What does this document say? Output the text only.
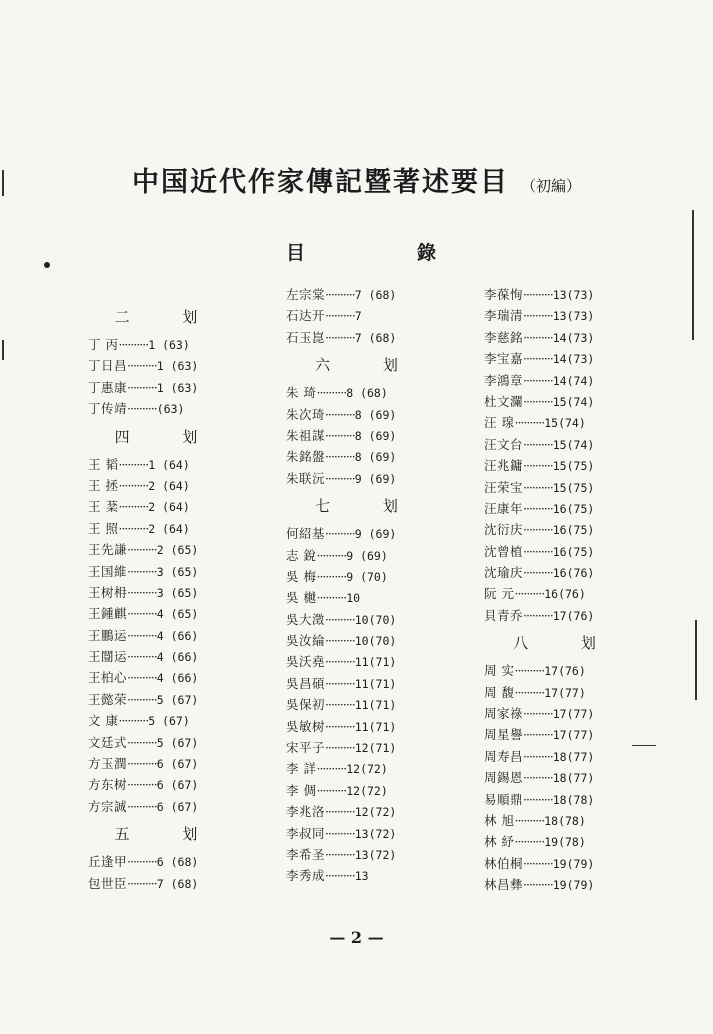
中国近代作家傳記暨著述要目 （初編）
目	錄
二 划
丁 丙··········1 (63)
丁日昌··········1 (63)
丁惠康··········1 (63)
丁传靖··········(63)
四 划
王 韬··········1 (64)
王 拯··········2 (64)
王 棻··········2 (64)
王 照··········2 (64)
王先謙··········2 (65)
王国維··········3 (65)
王树枏··········3 (65)
王鍾麒··········4 (65)
王鵬运··········4 (66)
王闓运··········4 (66)
王柏心··········4 (66)
王懿荣··········5 (67)
文 康··········5 (67)
文廷式··········5 (67)
方玉潤··········6 (67)
方东树··········6 (67)
方宗誠··········6 (67)
五 划
丘逢甲··········6 (68)
包世臣··········7 (68)
左宗棠··········7 (68)
石达开··········7
石玉崑··········7 (68)
六 划
朱 琦··········8 (68)
朱次琦··········8 (69)
朱祖謀··········8 (69)
朱銘盤··········8 (69)
朱联沅··········9 (69)
七 划
何紹基··········9 (69)
志 銳··········9 (69)
吳 梅··········9 (70)
吳 樾··········10
吳大澂··········10(70)
吳汝綸··········10(70)
吳沃堯··········11(71)
吳昌碩··········11(71)
吳保初··········11(71)
吳敏树··········11(71)
宋平子··········12(71)
李 詳··········12(72)
李 倜··········12(72)
李兆洛··········12(72)
李叔同··········13(72)
李希圣··········13(72)
李秀成··········13
李葆恂··········13(73)
李瑞清··········13(73)
李慈銘··········14(73)
李宝嘉··········14(73)
李鴻章··········14(74)
杜文瀾··········15(74)
汪 瑔··········15(74)
汪文台··········15(74)
汪兆鏞··········15(75)
汪荣宝··········15(75)
汪康年··········16(75)
沈衍庆··········16(75)
沈曾植··········16(75)
沈瑜庆··········16(76)
阮 元··········16(76)
貝青乔··········17(76)
八 划
周 实··········17(76)
周 馥··········17(77)
周家祿··········17(77)
周星譽··········17(77)
周寿昌··········18(77)
周錫恩··········18(77)
易順鼎··········18(78)
林 旭··········18(78)
林 紓··········19(78)
林伯桐··········19(79)
林昌彝··········19(79)
— 2 —
